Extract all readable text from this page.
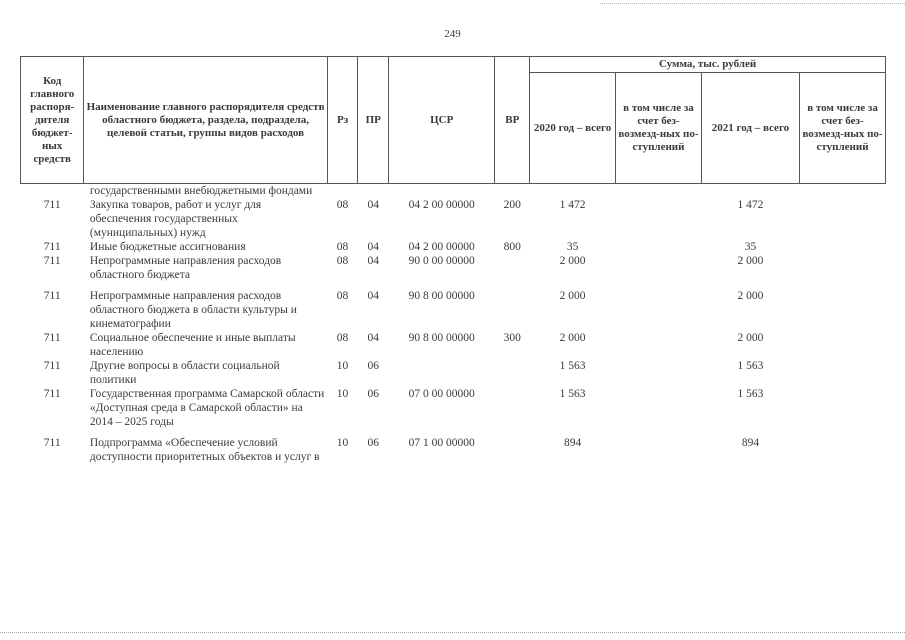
249
Код главного распоря-дителя бюджет-ных средств	Наименование главного распорядителя средств областного бюджета, раздела, подраздела, целевой статьи, группы видов расходов	Рз	ПР	ЦСР	ВР	Сумма, тыс. рублей			
						2020 год – всего	в том числе за счет без-возмезд-ных по-ступлений	2021 год – всего	в том числе за счет без-возмезд-ных по-ступлений
	государственными внебюджетными фондами								
711	Закупка товаров, работ и услуг для обеспечения государственных (муниципальных) нужд	08	04	04 2 00 00000	200	1 472		1 472	
711	Иные бюджетные ассигнования	08	04	04 2 00 00000	800	35		35	
711	Непрограммные направления расходов областного бюджета	08	04	90 0 00 00000		2 000		2 000	
711	Непрограммные направления расходов областного бюджета в области культуры и кинематографии	08	04	90 8 00 00000		2 000		2 000	
711	Социальное обеспечение и иные выплаты населению	08	04	90 8 00 00000	300	2 000		2 000	
711	Другие вопросы в области социальной политики	10	06			1 563		1 563	
711	Государственная программа Самарской области «Доступная среда в Самарской области» на 2014 – 2025 годы	10	06	07 0 00 00000		1 563		1 563	
711	Подпрограмма «Обеспечение условий доступности приоритетных объектов и услуг в	10	06	07 1 00 00000		894		894	
